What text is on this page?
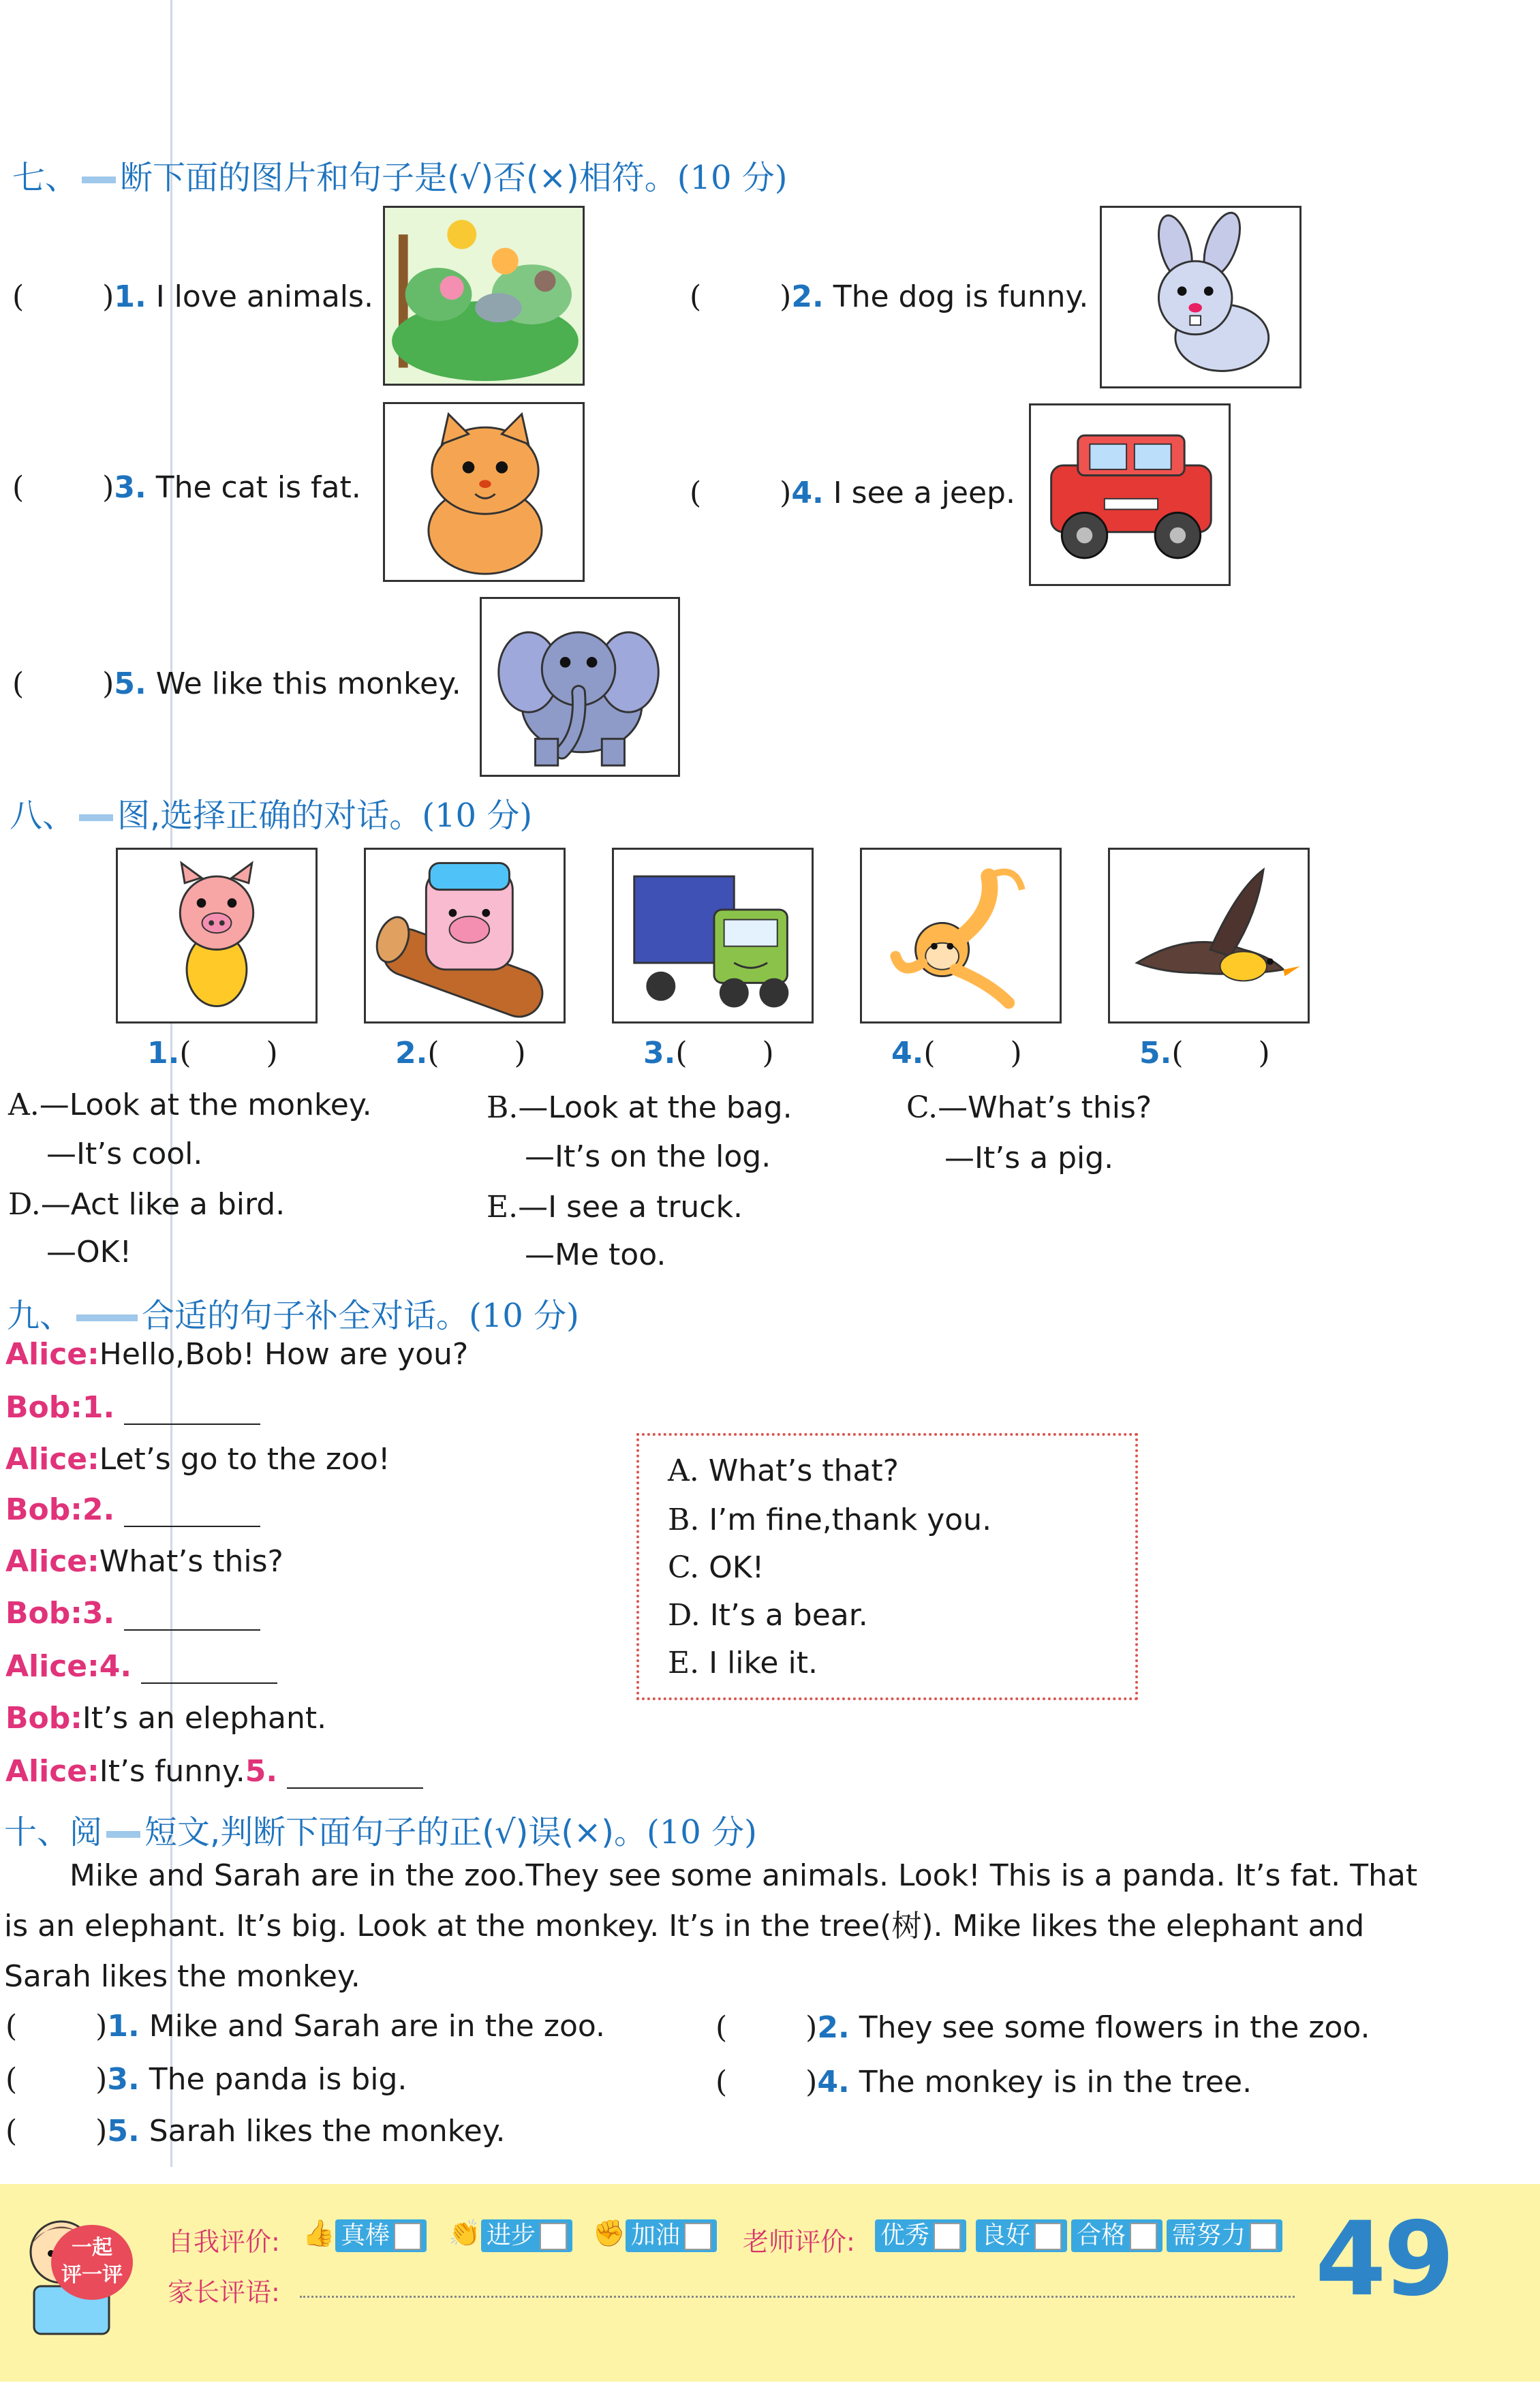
七、 断下面的图片和句子是(√)否(×)相符。(10 分)
(	)1. I love animals.	(	)2. The dog is funny.
(	)3. The cat is fat.	(	)4. I see a jeep.
(	)5. We like this monkey.
八、 图,选择正确的对话。(10 分)
1.(	)	2.(	)	3.(	)	4.(	)	5.(	)
A.—Look at the monkey.
—It’s cool.
B.—Look at the bag.
—It’s on the log.
C.—What’s this?
—It’s a pig.
D.—Act like a bird.
—OK!
E.—I see a truck.
—Me too.
九、 合适的句子补全对话。(10 分)
Alice:Hello,Bob! How are you?
Bob:1.
Alice:Let’s go to the zoo!
Bob:2.
Alice:What’s this?
Bob:3.
Alice:4.
Bob:It’s an elephant.
Alice:It’s funny.5.
A. What’s that?
B. I’m fine,thank you.
C. OK!
D. It’s a bear.
E. I like it.
十、阅 短文,判断下面句子的正(√)误(×)。(10 分)
Mike and Sarah are in the zoo.They see some animals. Look! This is a panda. It’s fat. That is an elephant. It’s big. Look at the monkey. It’s in the tree(树). Mike likes the elephant and Sarah likes the monkey.
(	)1. Mike and Sarah are in the zoo.	(	)2. They see some flowers in the zoo.
(	)3. The panda is big.	(	)4. The monkey is in the tree.
(	)5. Sarah likes the monkey.
一起
评一评
自我评价: 👍 真棒	👏 进步	✊ 加油	老师评价: 优秀	良好	合格	需努力
家长评语:	49
